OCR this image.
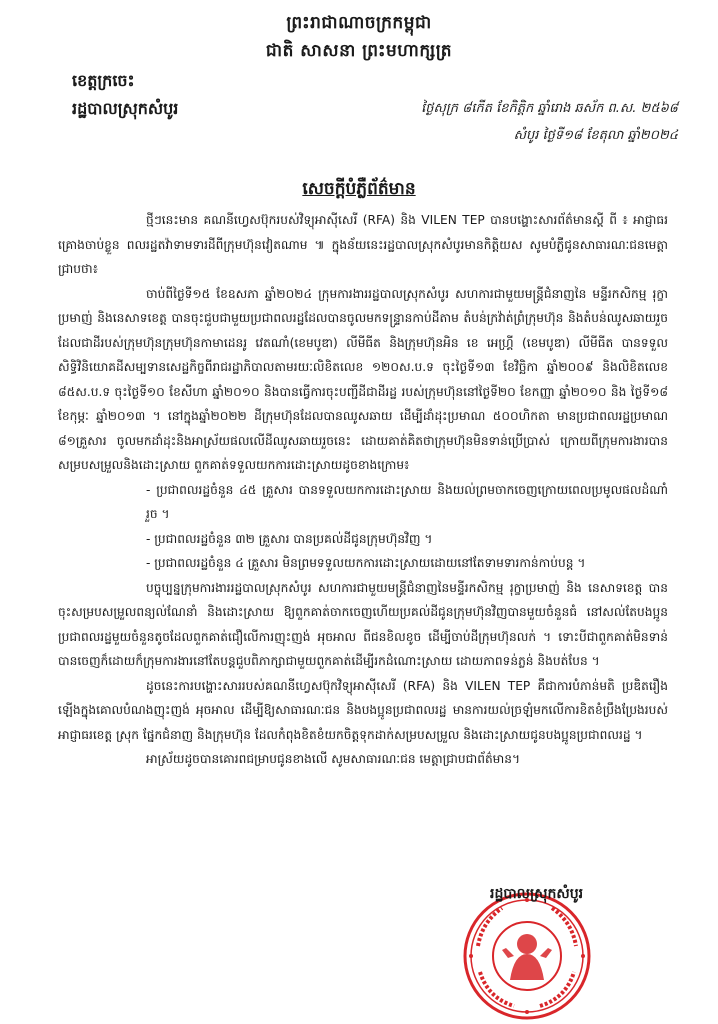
ព្រះរាជាណាចក្រកម្ពុជា
ជាតិ សាសនា ព្រះមហាក្សត្រ
ខេត្តក្រចេះ
រដ្ឋបាលស្រុកសំបូរ	ថ្ងៃសុក្រ ៨កើត ខែកិត្តិក ឆ្នាំរោង ឆស័ក ព.ស. ២៥៦៨
សំបូរ ថ្ងៃទី១៨ ខែតុលា ឆ្នាំ២០២៤
សេចក្តីបំភ្លឺព័ត៌មាន

ថ្មីៗនេះមាន គណនីហ្វេសប៊ុករបស់វិទ្យុអាស៊ីសេរី (RFA) និង VILEN TEP បានបង្ហោះសារព័ត៌មានស្តី ពី ៖ អាជ្ញាធរ គ្រោងចាប់ខ្លួន ពលរដ្ឋតវ៉ាទាមទារដីពីក្រុមហ៊ុនវៀតណាម ៕ ក្នុងន័យនេះរដ្ឋបាលស្រុកសំបូរមានកិត្តិយស សូមបំភ្លឺជូនសាធារណៈជនមេត្តាជ្រាបថា៖

ចាប់ពីថ្ងៃទី១៥ ខែឧសភា ឆ្នាំ២០២៤ ក្រុមការងាររដ្ឋបាលស្រុកសំបូរ សហការជាមួយមន្ត្រីជំនាញនៃ មន្ទីរកសិកម្ម រុក្ខាប្រមាញ់ និងនេសាទខេត្ត បានចុះជួបជាមួយប្រជាពលរដ្ឋដែលបានចូលមកទន្ទ្រានកាប់ដីតាម តំបន់ក្រវ៉ាត់ព្រំក្រុមហ៊ុន និងតំបន់ឈូសឆាយរួច ដែលជាដីរបស់ក្រុមហ៊ុនក្រុមហ៊ុនកាមាដេនរូ វេតណាំ(ខេមបូឌា) លីមីធីត និងក្រុមហ៊ុនអិន ខេ អេហ្គ្រី (ខេមបូឌា) លីមីធីត បានទទួលសិទ្ធិវិនិយោគដីសម្បទានសេដ្ឋកិច្ចពីរាជរដ្ឋាភិបាលតាមរយៈលិខិតលេខ ១២០ស.ប.ទ ចុះថ្ងៃទី១៣ ខែវិច្ឆិកា ឆ្នាំ២០០៩ និងលិខិតលេខ ៨៥ស.ប.ទ ចុះថ្ងៃទី១០ ខែសីហា ឆ្នាំ២០១០ និងបានធ្វើការចុះបញ្ជីដីជាដីរដ្ឋ របស់ក្រុមហ៊ុននៅថ្ងៃទី២០ ខែកញ្ញា ឆ្នាំ២០១០ និង ថ្ងៃទី១៨ ខែកុម្ភៈ ឆ្នាំ២០១៣ ។ នៅក្នុងឆ្នាំ២០២២ ដីក្រុមហ៊ុនដែលបានឈូសឆាយ ដើម្បីដាំដុះប្រមាណ ៥០០ហិកតា មានប្រជាពលរដ្ឋប្រមាណ ៨១គ្រួសារ ចូលមកដាំដុះនិងអាស្រ័យផលលើដីឈូសឆាយរួចនេះ ដោយគាត់គិតថាក្រុមហ៊ុនមិនទាន់ប្រើប្រាស់ ក្រោយពីក្រុមការងារបានសម្របសម្រួលនិងដោះស្រាយ ពួកគាត់ទទួលយកការដោះស្រាយដូចខាងក្រោម៖

- ប្រជាពលរដ្ឋចំនួន ៤៥ គ្រួសារ បានទទួលយកការដោះស្រាយ និងយល់ព្រមចាកចេញក្រោយពេលប្រមូលផលដំណាំរួច ។

- ប្រជាពលរដ្ឋចំនួន ៣២ គ្រួសារ បានប្រគល់ដីជូនក្រុមហ៊ុនវិញ ។

- ប្រជាពលរដ្ឋចំនួន ៤ គ្រួសារ មិនព្រមទទួលយកការដោះស្រាយដោយនៅតែទាមទារកាន់កាប់បន្ត ។

បច្ចុប្បន្នក្រុមការងាររដ្ឋបាលស្រុកសំបូរ សហការជាមួយមន្ត្រីជំនាញនៃមន្ទីរកសិកម្ម រុក្ខាប្រមាញ់ និង នេសាទខេត្ត បានចុះសម្របសម្រួលពន្យល់ណែនាំ និងដោះស្រាយ ឱ្យពួកគាត់ចាកចេញហើយប្រគល់ដីជូនក្រុមហ៊ុនវិញបានមួយចំនួនធំ នៅសល់តែបងប្អូនប្រជាពលរដ្ឋមួយចំនួនតូចដែលពួកគាត់ជឿលើការញុះញង់ អុចអាល ពីជនខិលខូច ដើម្បីចាប់ដីក្រុមហ៊ុនលក់ ។ ទោះបីជាពួកគាត់មិនទាន់បានចេញក៏ដោយក៏ក្រុមការងារនៅតែបន្តជួបពិភាក្សាជាមួយពួកគាត់ដើម្បីរកដំណោះស្រាយ ដោយភាពទន់ភ្លន់ និងបត់បែន ។

ដូចនេះការបង្ហោះសាររបស់គណនីហ្វេសប៊ុកវិទ្យុអាស៊ីសេរី (RFA) និង VILEN TEP គឺជាការបំភាន់មតិ ប្រឌិតរឿងឡើងក្នុងគោលបំណងញុះញង់ អុចអាល ដើម្បីឱ្យសាធារណៈជន និងបងប្អូនប្រជាពលរដ្ឋ មានការយល់ច្រឡំមកលើការខិតខំប្រឹងប្រែងរបស់ អាជ្ញាធរខេត្ត ស្រុក ផ្នែកជំនាញ និងក្រុមហ៊ុន ដែលកំពុងខិតខំយកចិត្តទុកដាក់សម្របសម្រួល និងដោះស្រាយជូនបងប្អូនប្រជាពលរដ្ឋ ។

អាស្រ័យដូចបានគោរពជម្រាបជូនខាងលើ សូមសាធារណៈជន មេត្តាជ្រាបជាព័ត៌មាន។

រដ្ឋបាលស្រុកសំបូរ
